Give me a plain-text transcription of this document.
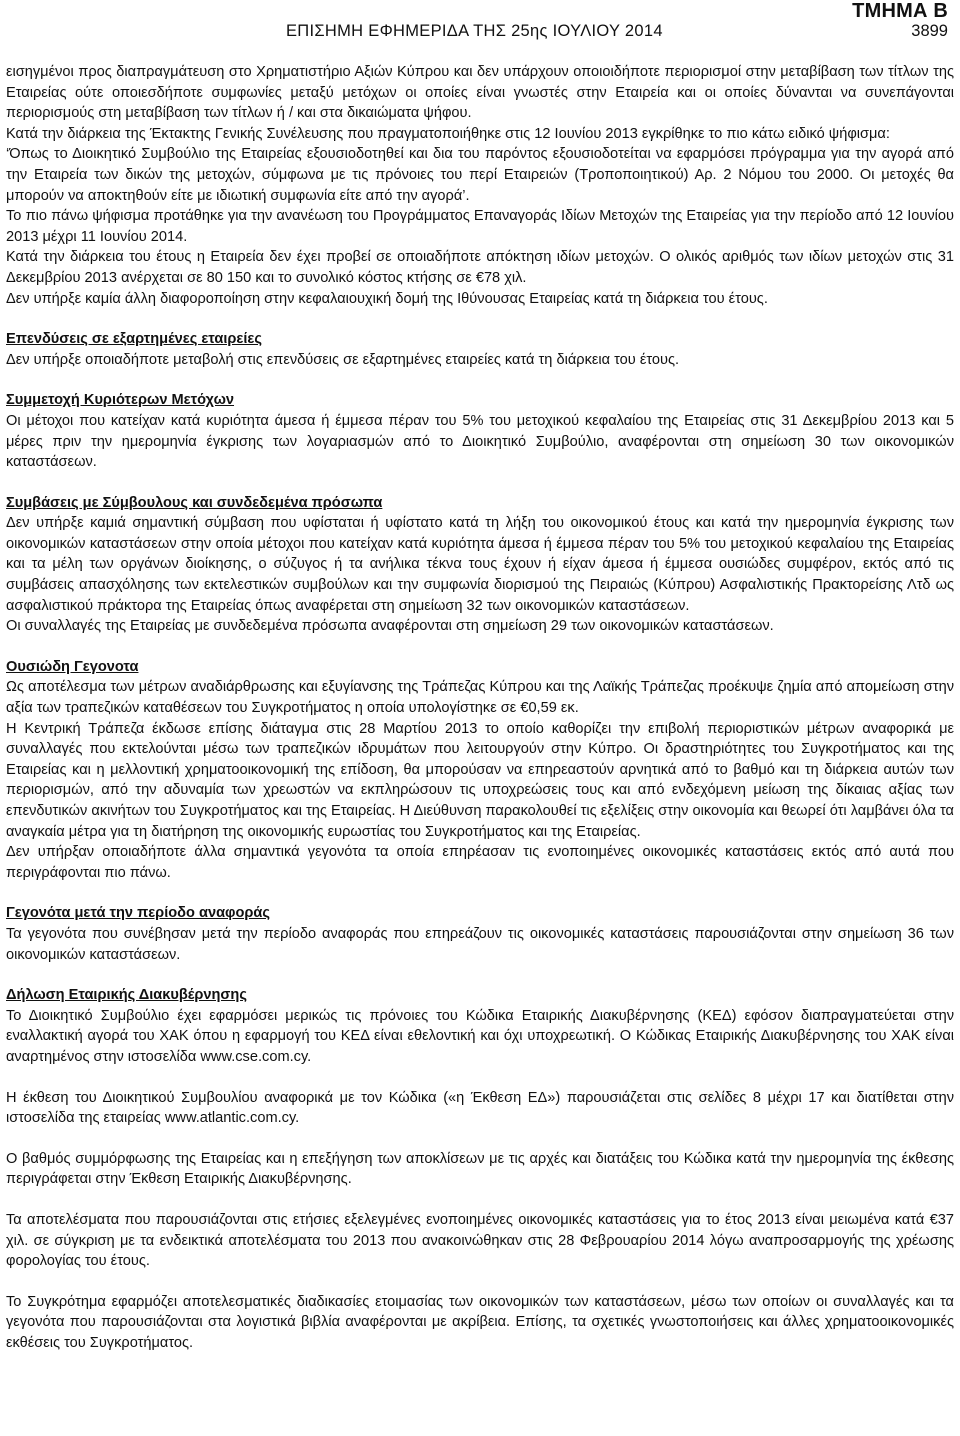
ΤΜΗΜΑ Β
ΕΠΙΣΗΜΗ ΕΦΗΜΕΡΙΔΑ ΤΗΣ 25ης ΙΟΥΛΙΟΥ 2014	3899

εισηγμένοι προς διαπραγμάτευση στο Χρηματιστήριο Αξιών Κύπρου και δεν υπάρχουν οποιοιδήποτε περιορισμοί στην μεταβίβαση των τίτλων της Εταιρείας ούτε οποιεσδήποτε συμφωνίες μεταξύ μετόχων οι οποίες είναι γνωστές στην Εταιρεία και οι οποίες δύνανται να συνεπάγονται περιορισμούς στη μεταβίβαση των τίτλων ή / και στα δικαιώματα ψήφου.

Κατά την διάρκεια της Έκτακτης Γενικής Συνέλευσης που πραγματοποιήθηκε στις 12 Ιουνίου 2013 εγκρίθηκε το πιο κάτω ειδικό ψήφισμα:

‘Όπως το Διοικητικό Συμβούλιο της Εταιρείας εξουσιοδοτηθεί και δια του παρόντος εξουσιοδοτείται να εφαρμόσει πρόγραμμα για την αγορά από την Εταιρεία των δικών της μετοχών, σύμφωνα με τις πρόνοιες του περί Εταιρειών (Τροποποιητικού) Αρ. 2 Νόμου του 2000. Οι μετοχές θα μπορούν να αποκτηθούν είτε με ιδιωτική συμφωνία είτε από την αγορά’.

Το πιο πάνω ψήφισμα προτάθηκε για την ανανέωση του Προγράμματος Επαναγοράς Ιδίων Μετοχών της Εταιρείας για την περίοδο από 12 Ιουνίου 2013 μέχρι 11 Ιουνίου 2014.

Κατά την διάρκεια του έτους η Εταιρεία δεν έχει προβεί σε οποιαδήποτε απόκτηση ιδίων μετοχών. Ο ολικός αριθμός των ιδίων μετοχών στις 31 Δεκεμβρίου 2013 ανέρχεται σε 80 150 και το συνολικό κόστος κτήσης σε €78 χιλ.

Δεν υπήρξε καμία άλλη διαφοροποίηση στην κεφαλαιουχική δομή της Ιθύνουσας Εταιρείας κατά τη διάρκεια του έτους.

Επενδύσεις σε εξαρτημένες εταιρείες

Δεν υπήρξε οποιαδήποτε μεταβολή στις επενδύσεις σε εξαρτημένες εταιρείες κατά τη διάρκεια του έτους.

Συμμετοχή Κυριότερων Μετόχων

Οι μέτοχοι που κατείχαν κατά κυριότητα άμεσα ή έμμεσα πέραν του 5% του μετοχικού κεφαλαίου της Εταιρείας στις 31 Δεκεμβρίου 2013 και 5 μέρες πριν την ημερομηνία έγκρισης των λογαριασμών από το Διοικητικό Συμβούλιο, αναφέρονται στη σημείωση 30 των οικονομικών καταστάσεων.

Συμβάσεις με Σύμβουλους και συνδεδεμένα πρόσωπα

Δεν υπήρξε καμιά σημαντική σύμβαση που υφίσταται ή υφίστατο κατά τη λήξη του οικονομικού έτους και κατά την ημερομηνία έγκρισης των οικονομικών καταστάσεων στην οποία μέτοχοι που κατείχαν κατά κυριότητα άμεσα ή έμμεσα πέραν του 5% του μετοχικού κεφαλαίου της Εταιρείας και τα μέλη των οργάνων διοίκησης, ο σύζυγος ή τα ανήλικα τέκνα τους έχουν ή είχαν άμεσα ή έμμεσα ουσιώδες συμφέρον, εκτός από τις συμβάσεις απασχόλησης των εκτελεστικών συμβούλων και την συμφωνία διορισμού της Πειραιώς (Κύπρου) Ασφαλιστικής Πρακτορείσης Λτδ ως ασφαλιστικού πράκτορα της Εταιρείας όπως αναφέρεται στη σημείωση 32 των οικονομικών καταστάσεων.

Οι συναλλαγές της Εταιρείας με συνδεδεμένα πρόσωπα αναφέρονται στη σημείωση 29 των οικονομικών καταστάσεων.

Ουσιώδη Γεγονοτα

Ως αποτέλεσμα των μέτρων αναδιάρθρωσης και εξυγίανσης της Τράπεζας Κύπρου και της Λαϊκής Τράπεζας προέκυψε ζημία από απομείωση στην αξία των τραπεζικών καταθέσεων του Συγκροτήματος η οποία υπολογίστηκε σε €0,59 εκ.

Η Κεντρική Τράπεζα έκδωσε επίσης διάταγμα στις 28 Μαρτίου 2013 το οποίο καθορίζει την επιβολή περιοριστικών μέτρων αναφορικά με συναλλαγές που εκτελούνται μέσω των τραπεζικών ιδρυμάτων που λειτουργούν στην Κύπρο. Οι δραστηριότητες του Συγκροτήματος και της Εταιρείας και η μελλοντική χρηματοοικονομική της επίδοση, θα μπορούσαν να επηρεαστούν αρνητικά από το βαθμό και τη διάρκεια αυτών των περιορισμών, από την αδυναμία των χρεωστών να εκπληρώσουν τις υποχρεώσεις τους και από ενδεχόμενη μείωση της δίκαιας αξίας των επενδυτικών ακινήτων του Συγκροτήματος και της Εταιρείας. Η Διεύθυνση παρακολουθεί τις εξελίξεις στην οικονομία και θεωρεί ότι λαμβάνει όλα τα αναγκαία μέτρα για τη διατήρηση της οικονομικής ευρωστίας του Συγκροτήματος και της Εταιρείας.

Δεν υπήρξαν οποιαδήποτε άλλα σημαντικά γεγονότα τα οποία επηρέασαν τις ενοποιημένες οικονομικές καταστάσεις εκτός από αυτά που περιγράφονται πιο πάνω.

Γεγονότα μετά την περίοδο αναφοράς

Τα γεγονότα που συνέβησαν μετά την περίοδο αναφοράς που επηρεάζουν τις οικονομικές καταστάσεις παρουσιάζονται στην σημείωση 36 των οικονομικών καταστάσεων.

Δήλωση Εταιρικής Διακυβέρνησης

Το Διοικητικό Συμβούλιο έχει εφαρμόσει μερικώς τις πρόνοιες του Κώδικα Εταιρικής Διακυβέρνησης (ΚΕΔ) εφόσον διαπραγματεύεται στην εναλλακτική αγορά του ΧΑΚ όπου η εφαρμογή του ΚΕΔ είναι εθελοντική και όχι υποχρεωτική. Ο Κώδικας Εταιρικής Διακυβέρνησης του ΧΑΚ είναι αναρτημένος στην ιστοσελίδα www.cse.com.cy.

Η έκθεση του Διοικητικού Συμβουλίου αναφορικά με τον Κώδικα («η Έκθεση ΕΔ») παρουσιάζεται στις σελίδες 8 μέχρι 17 και διατίθεται στην ιστοσελίδα της εταιρείας www.atlantic.com.cy.

Ο βαθμός συμμόρφωσης της Εταιρείας και η επεξήγηση των αποκλίσεων με τις αρχές και διατάξεις του Κώδικα κατά την ημερομηνία της έκθεσης περιγράφεται στην Έκθεση Εταιρικής Διακυβέρνησης.

Τα αποτελέσματα που παρουσιάζονται στις ετήσιες εξελεγμένες ενοποιημένες οικονομικές καταστάσεις για το έτος 2013 είναι μειωμένα κατά €37 χιλ. σε σύγκριση με τα ενδεικτικά αποτελέσματα του 2013 που ανακοινώθηκαν στις 28 Φεβρουαρίου 2014 λόγω αναπροσαρμογής της χρέωσης φορολογίας του έτους.

Το Συγκρότημα εφαρμόζει αποτελεσματικές διαδικασίες ετοιμασίας των οικονομικών των καταστάσεων, μέσω των οποίων οι συναλλαγές και τα γεγονότα που παρουσιάζονται στα λογιστικά βιβλία αναφέρονται με ακρίβεια. Επίσης, τα σχετικές γνωστοποιήσεις και άλλες χρηματοοικονομικές εκθέσεις του Συγκροτήματος.
